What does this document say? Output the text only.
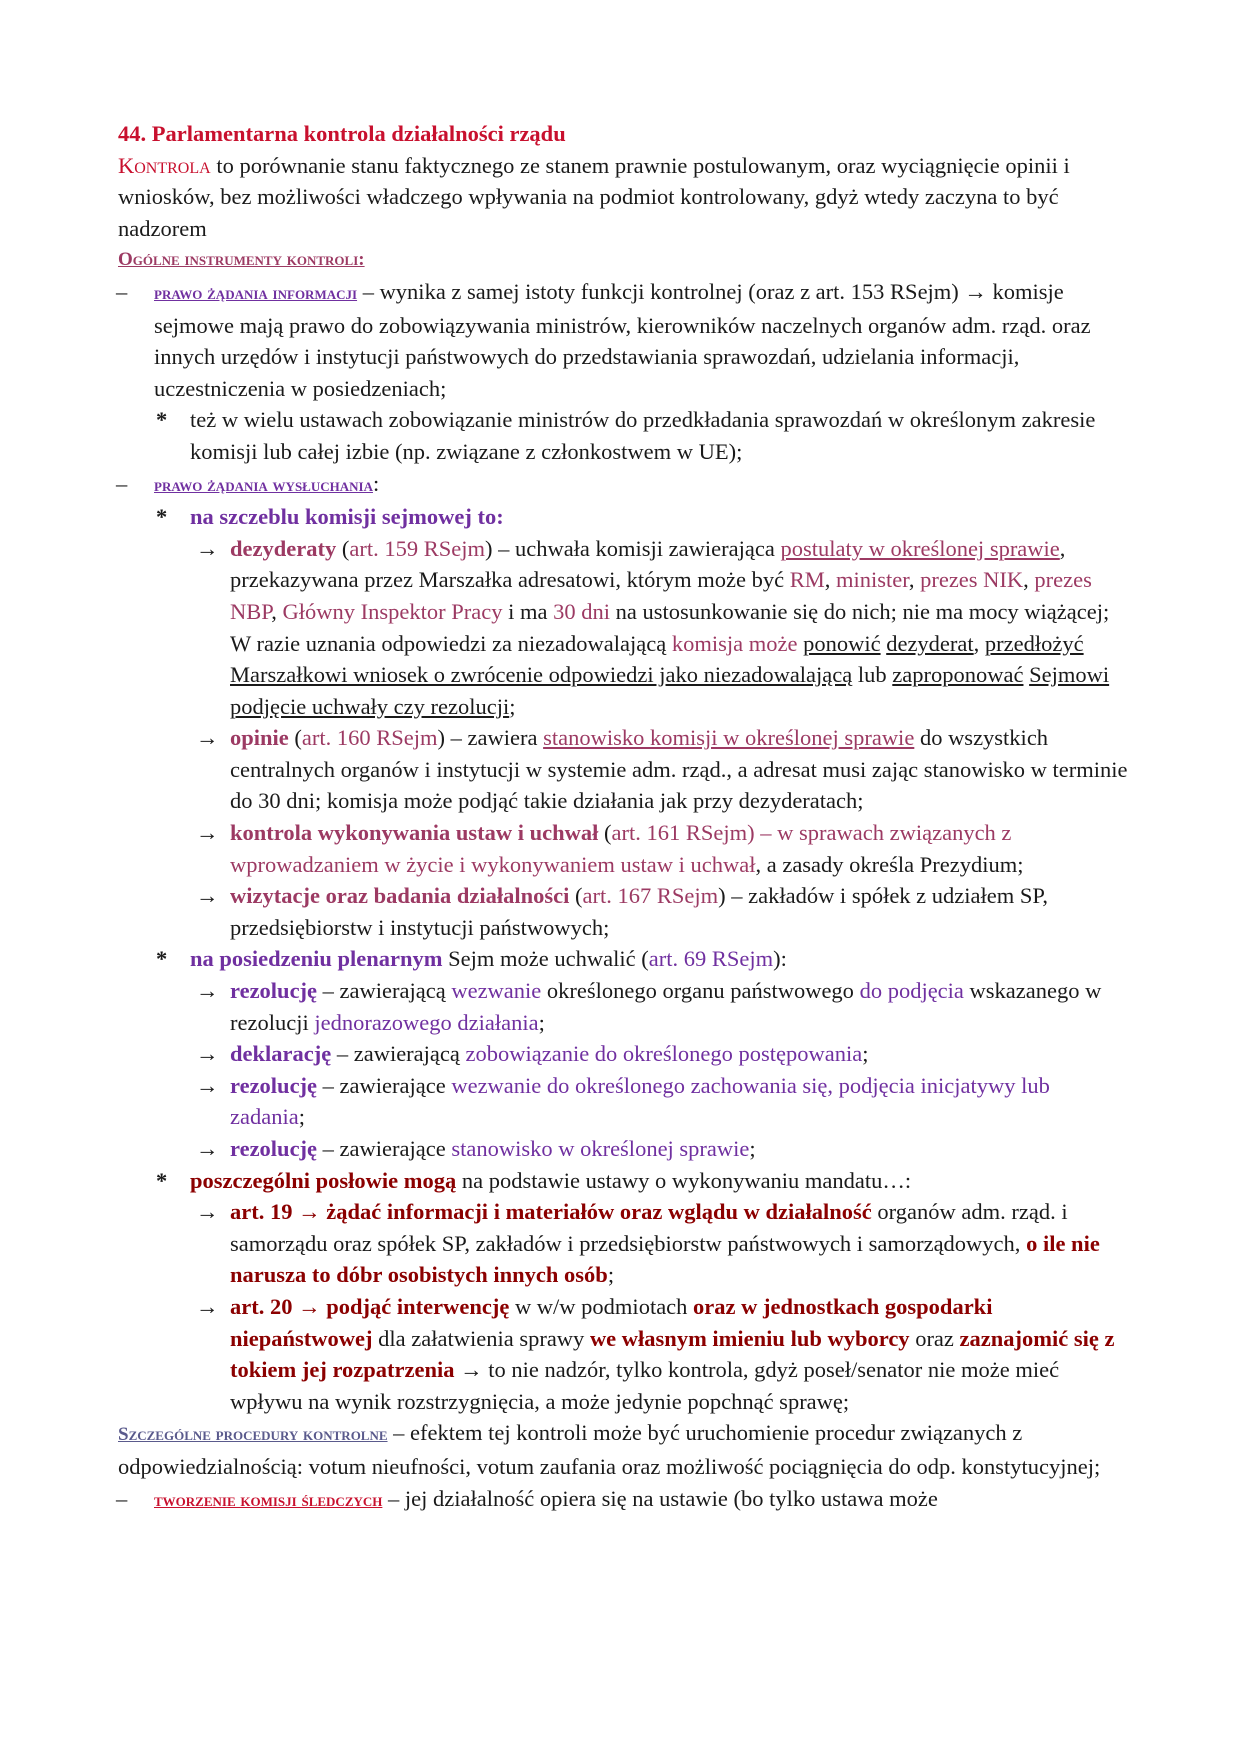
44. Parlamentarna kontrola działalności rządu

Kontrola to porównanie stanu faktycznego ze stanem prawnie postulowanym, oraz wyciągnięcie opinii i wniosków, bez możliwości władczego wpływania na podmiot kontrolowany, gdyż wtedy zaczyna to być nadzorem

Ogólne instrumenty kontroli:

– prawo żądania informacji – wynika z samej istoty funkcji kontrolnej (oraz z art. 153 RSejm) → komisje sejmowe mają prawo do zobowiązywania ministrów, kierowników naczelnych organów adm. rząd. oraz innych urzędów i instytucji państwowych do przedstawiania sprawozdań, udzielania informacji, uczestniczenia w posiedzeniach;
* też w wielu ustawach zobowiązanie ministrów do przedkładania sprawozdań w określonym zakresie komisji lub całej izbie (np. związane z członkostwem w UE);
– prawo żądania wysłuchania:
* na szczeblu komisji sejmowej to:
→ dezyderaty (art. 159 RSejm) – uchwała komisji zawierająca postulaty w określonej sprawie, przekazywana przez Marszałka adresatowi, którym może być RM, minister, prezes NIK, prezes NBP, Główny Inspektor Pracy i ma 30 dni na ustosunkowanie się do nich; nie ma mocy wiążącej; W razie uznania odpowiedzi za niezadowalającą komisja może ponowić dezyderat, przedłożyć Marszałkowi wniosek o zwrócenie odpowiedzi jako niezadowalającą lub zaproponować Sejmowi podjęcie uchwały czy rezolucji;
→ opinie (art. 160 RSejm) – zawiera stanowisko komisji w określonej sprawie do wszystkich centralnych organów i instytucji w systemie adm. rząd., a adresat musi zając stanowisko w terminie do 30 dni; komisja może podjąć takie działania jak przy dezyderatach;
→ kontrola wykonywania ustaw i uchwał (art. 161 RSejm) – w sprawach związanych z wprowadzaniem w życie i wykonywaniem ustaw i uchwał, a zasady określa Prezydium;
→ wizytacje oraz badania działalności (art. 167 RSejm) – zakładów i spółek z udziałem SP, przedsiębiorstw i instytucji państwowych;
* na posiedzeniu plenarnym Sejm może uchwalić (art. 69 RSejm):
→ rezolucję – zawierającą wezwanie określonego organu państwowego do podjęcia wskazanego w rezolucji jednorazowego działania;
→ deklarację – zawierającą zobowiązanie do określonego postępowania;
→ rezolucję – zawierające wezwanie do określonego zachowania się, podjęcia inicjatywy lub zadania;
→ rezolucję – zawierające stanowisko w określonej sprawie;
* poszczególni posłowie mogą na podstawie ustawy o wykonywaniu mandatu…:
→ art. 19 → żądać informacji i materiałów oraz wglądu w działalność organów adm. rząd. i samorządu oraz spółek SP, zakładów i przedsiębiorstw państwowych i samorządowych, o ile nie narusza to dóbr osobistych innych osób;
→ art. 20 → podjąć interwencję w w/w podmiotach oraz w jednostkach gospodarki niepaństwowej dla załatwienia sprawy we własnym imieniu lub wyborcy oraz zaznajomić się z tokiem jej rozpatrzenia → to nie nadzór, tylko kontrola, gdyż poseł/senator nie może mieć wpływu na wynik rozstrzygnięcia, a może jedynie popchnąć sprawę;

Szczególne procedury kontrolne – efektem tej kontroli może być uruchomienie procedur związanych z odpowiedzialnością: votum nieufności, votum zaufania oraz możliwość pociągnięcia do odp. konstytucyjnej;

– tworzenie komisji śledczych – jej działalność opiera się na ustawie (bo tylko ustawa może
